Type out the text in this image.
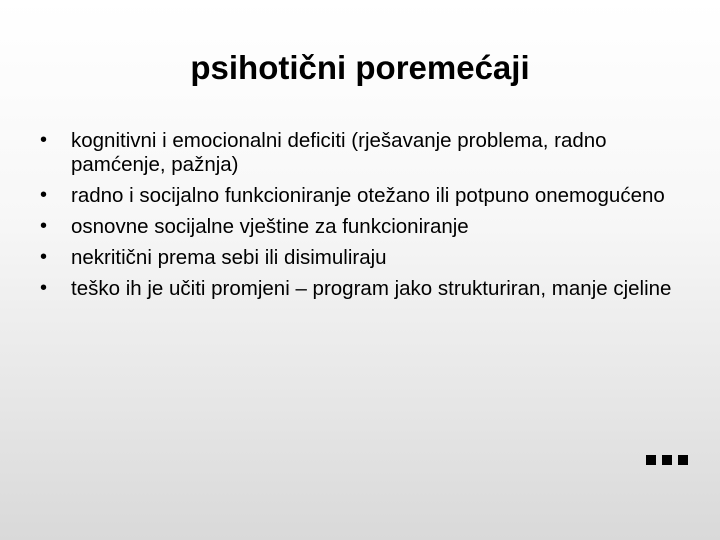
psihotični poremećaji
• kognitivni i emocionalni deficiti (rješavanje problema, radno pamćenje, pažnja)
• radno i socijalno funkcioniranje otežano ili potpuno onemogućeno
• osnovne socijalne vještine za funkcioniranje
• nekritični prema sebi ili disimuliraju
• teško ih je učiti promjeni – program jako strukturiran, manje cjeline
